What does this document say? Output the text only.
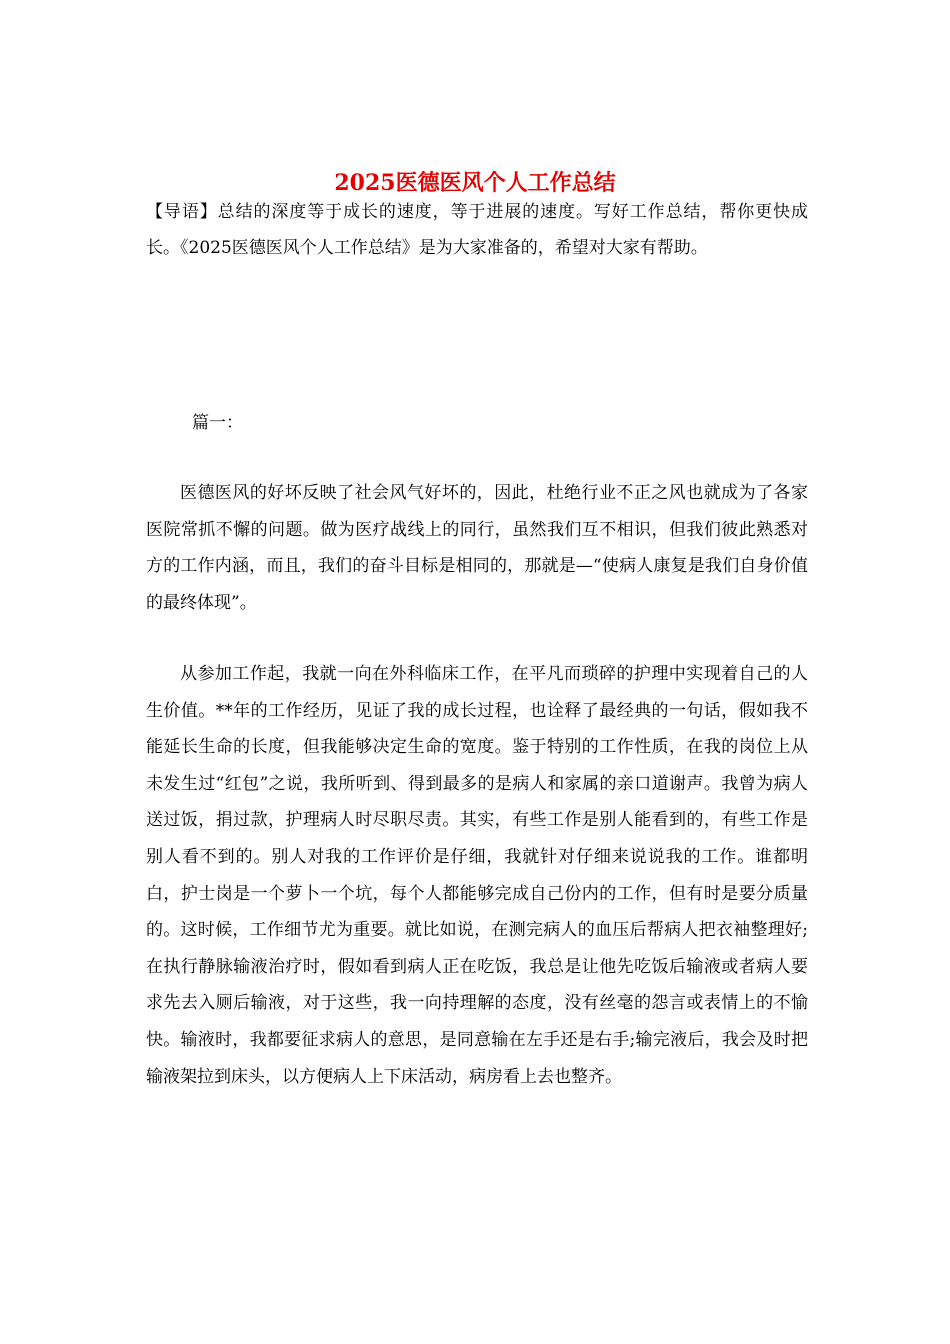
2025医德医风个人工作总结

【导语】总结的深度等于成长的速度，等于进展的速度。写好工作总结，帮你更快成长。《2025医德医风个人工作总结》是为大家准备的，希望对大家有帮助。

篇一：

医德医风的好坏反映了社会风气好坏的，因此，杜绝行业不正之风也就成为了各家医院常抓不懈的问题。做为医疗战线上的同行，虽然我们互不相识，但我们彼此熟悉对方的工作内涵，而且，我们的奋斗目标是相同的，那就是—“使病人康复是我们自身价值的最终体现”。

从参加工作起，我就一向在外科临床工作，在平凡而琐碎的护理中实现着自己的人生价值。**年的工作经历，见证了我的成长过程，也诠释了最经典的一句话，假如我不能延长生命的长度，但我能够决定生命的宽度。鉴于特别的工作性质，在我的岗位上从未发生过“红包”之说，我所听到、得到最多的是病人和家属的亲口道谢声。我曾为病人送过饭，捐过款，护理病人时尽职尽责。其实，有些工作是别人能看到的，有些工作是别人看不到的。别人对我的工作评价是仔细，我就针对仔细来说说我的工作。谁都明白，护士岗是一个萝卜一个坑，每个人都能够完成自己份内的工作，但有时是要分质量的。这时候，工作细节尤为重要。就比如说，在测完病人的血压后帮病人把衣袖整理好;在执行静脉输液治疗时，假如看到病人正在吃饭，我总是让他先吃饭后输液或者病人要求先去入厕后输液，对于这些，我一向持理解的态度，没有丝毫的怨言或表情上的不愉快。输液时，我都要征求病人的意思，是同意输在左手还是右手;输完液后，我会及时把输液架拉到床头，以方便病人上下床活动，病房看上去也整齐。
